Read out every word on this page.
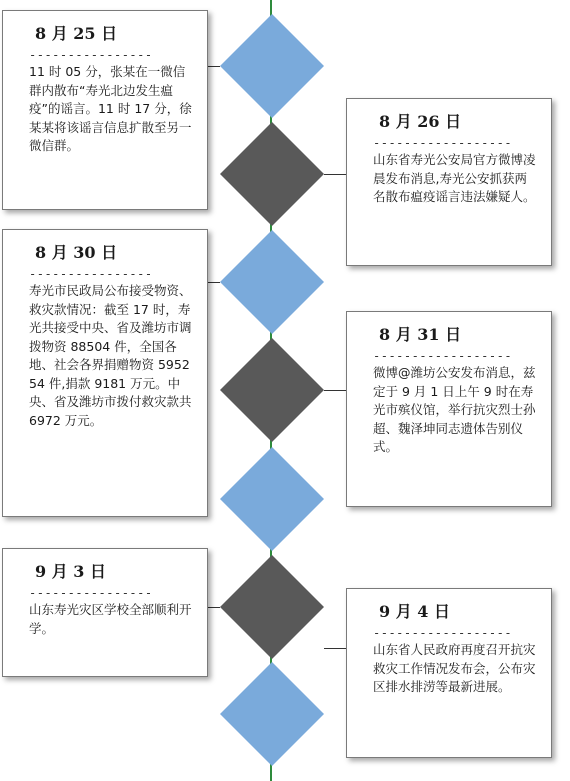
8 月 25 日
----------------
11 时 05 分，张某在一微信群内散布“寿光北边发生瘟疫”的谣言。11 时 17 分，徐某某将该谣言信息扩散至另一微信群。
8 月 26 日
------------------
山东省寿光公安局官方微博凌晨发布消息,寿光公安抓获两名散布瘟疫谣言违法嫌疑人。
8 月 30 日
----------------
寿光市民政局公布接受物资、救灾款情况：截至 17 时，寿光共接受中央、省及潍坊市调拨物资 88504 件，全国各地、社会各界捐赠物资 595254 件,捐款 9181 万元。中央、省及潍坊市拨付救灾款共 6972 万元。
8 月 31 日
------------------
微博@潍坊公安发布消息，兹定于 9 月 1 日上午 9 时在寿光市殡仪馆，举行抗灾烈士孙超、魏泽坤同志遗体告别仪式。
9 月 3 日
----------------
山东寿光灾区学校全部顺利开学。
9 月 4 日
------------------
山东省人民政府再度召开抗灾救灾工作情况发布会，公布灾区排水排涝等最新进展。
